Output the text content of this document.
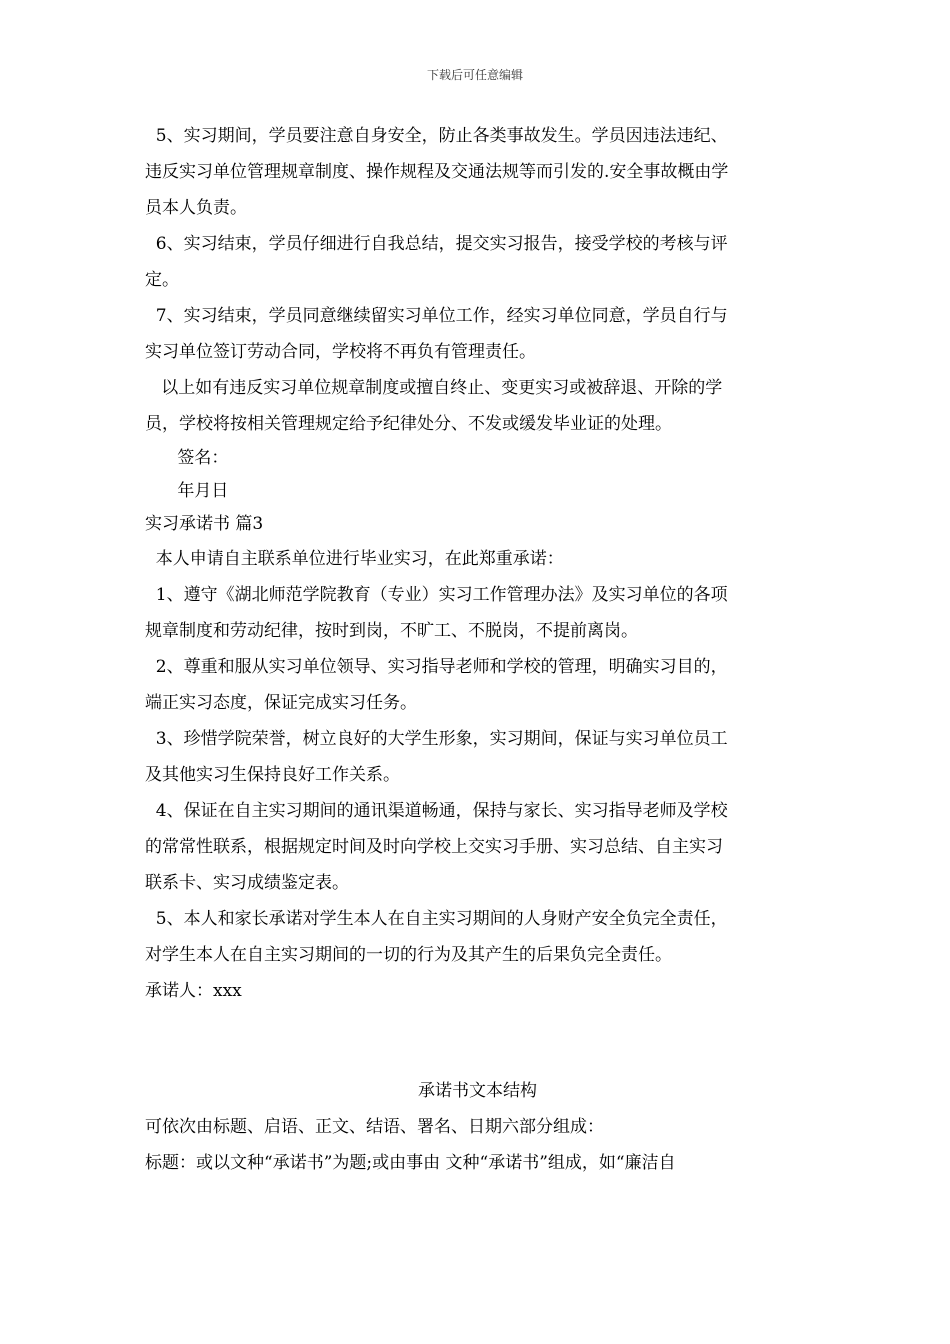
下载后可任意编辑
5、实习期间，学员要注意自身安全，防止各类事故发生。学员因违法违纪、
违反实习单位管理规章制度、操作规程及交通法规等而引发的.安全事故概由学
员本人负责。
6、实习结束，学员仔细进行自我总结，提交实习报告，接受学校的考核与评
定。
7、实习结束，学员同意继续留实习单位工作，经实习单位同意，学员自行与
实习单位签订劳动合同，学校将不再负有管理责任。
以上如有违反实习单位规章制度或擅自终止、变更实习或被辞退、开除的学
员，学校将按相关管理规定给予纪律处分、不发或缓发毕业证的处理。
签名：
年月日
实习承诺书 篇3
本人申请自主联系单位进行毕业实习，在此郑重承诺：
1、遵守《湖北师范学院教育（专业）实习工作管理办法》及实习单位的各项
规章制度和劳动纪律，按时到岗，不旷工、不脱岗，不提前离岗。
2、尊重和服从实习单位领导、实习指导老师和学校的管理，明确实习目的，
端正实习态度，保证完成实习任务。
3、珍惜学院荣誉，树立良好的大学生形象，实习期间，保证与实习单位员工
及其他实习生保持良好工作关系。
4、保证在自主实习期间的通讯渠道畅通，保持与家长、实习指导老师及学校
的常常性联系，根据规定时间及时向学校上交实习手册、实习总结、自主实习
联系卡、实习成绩鉴定表。
5、本人和家长承诺对学生本人在自主实习期间的人身财产安全负完全责任，
对学生本人在自主实习期间的一切的行为及其产生的后果负完全责任。
承诺人：xxx
承诺书文本结构
可依次由标题、启语、正文、结语、署名、日期六部分组成：
标题：或以文种“承诺书”为题;或由事由 文种“承诺书”组成，如“廉洁自
